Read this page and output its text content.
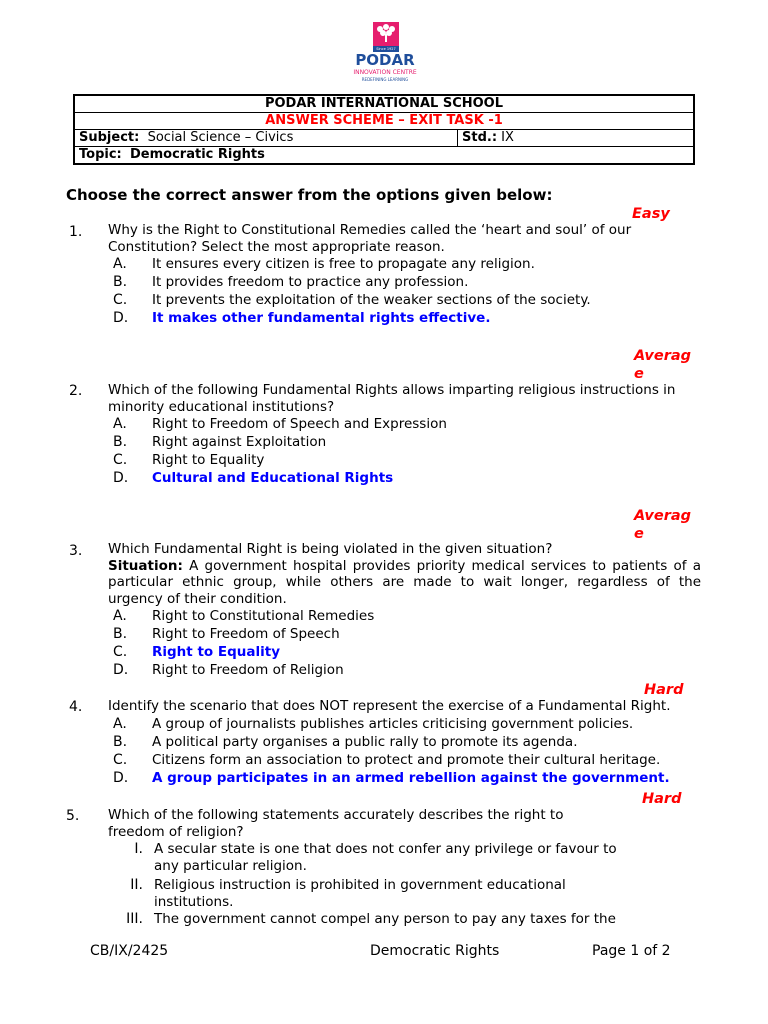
Since 1927
PODAR
INNOVATION CENTRE
REDEFINING LEARNING
PODAR INTERNATIONAL SCHOOL
ANSWER SCHEME – EXIT TASK -1
Subject: Social Science – Civics	Std.: IX
Topic: Democratic Rights
Choose the correct answer from the options given below:
Easy
1. Why is the Right to Constitutional Remedies called the ‘heart and soul’ of our Constitution? Select the most appropriate reason.
A. It ensures every citizen is free to propagate any religion.
B. It provides freedom to practice any profession.
C. It prevents the exploitation of the weaker sections of the society.
D. It makes other fundamental rights effective.
Averag
e
2. Which of the following Fundamental Rights allows imparting religious instructions in minority educational institutions?
A. Right to Freedom of Speech and Expression
B. Right against Exploitation
C. Right to Equality
D. Cultural and Educational Rights
Averag
e
3. Which Fundamental Right is being violated in the given situation?
Situation: A government hospital provides priority medical services to patients of a particular ethnic group, while others are made to wait longer, regardless of the urgency of their condition.
A. Right to Constitutional Remedies
B. Right to Freedom of Speech
C. Right to Equality
D. Right to Freedom of Religion
Hard
4. Identify the scenario that does NOT represent the exercise of a Fundamental Right.
A. A group of journalists publishes articles criticising government policies.
B. A political party organises a public rally to promote its agenda.
C. Citizens form an association to protect and promote their cultural heritage.
D. A group participates in an armed rebellion against the government.
Hard
5. Which of the following statements accurately describes the right to freedom of religion?
I. A secular state is one that does not confer any privilege or favour to any particular religion.
II. Religious instruction is prohibited in government educational institutions.
III. The government cannot compel any person to pay any taxes for the
CB/IX/2425	Democratic Rights	Page 1 of 2
